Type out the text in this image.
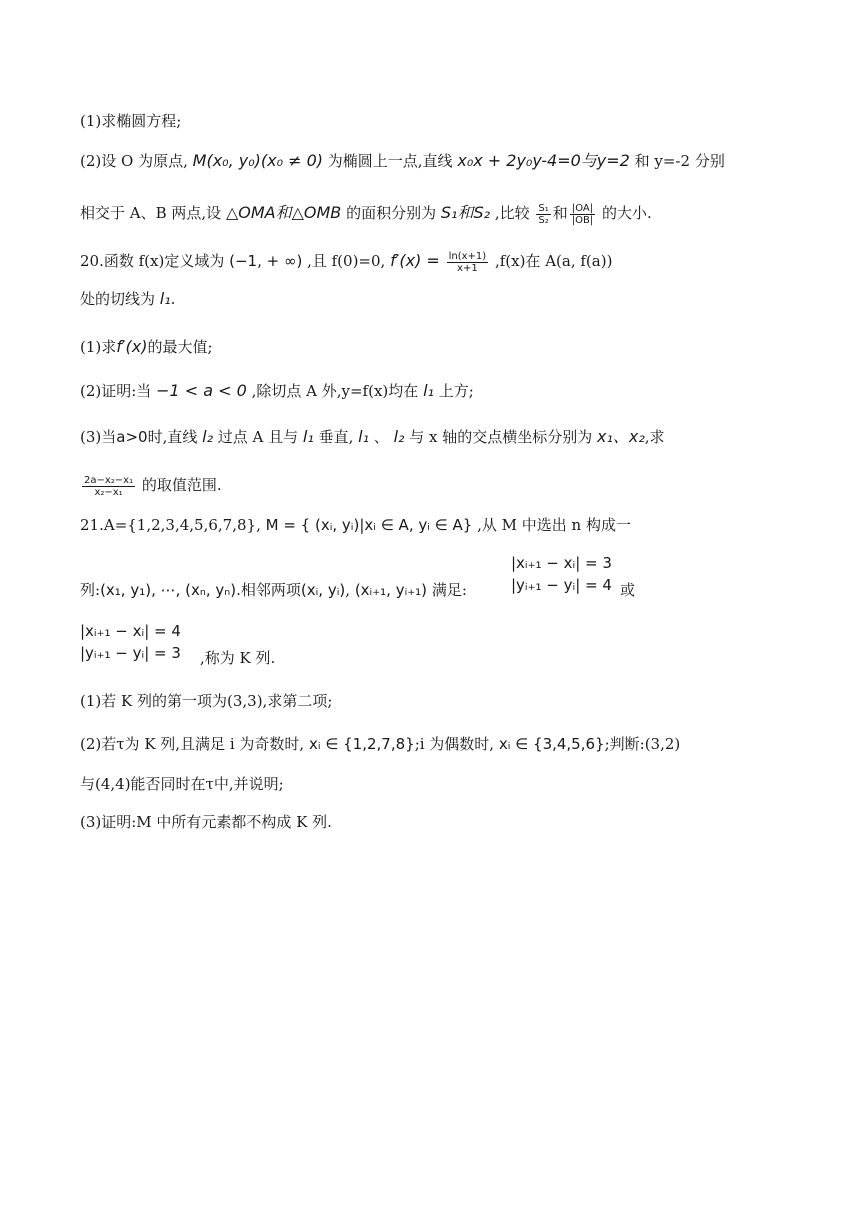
(1)求椭圆方程;
(2)设 O 为原点, M(x₀, y₀)(x₀ ≠ 0) 为椭圆上一点,直线 x₀x + 2y₀y-4=0与y=2 和 y=-2 分别
相交于 A、B 两点,设 △OMA和△OMB 的面积分别为 S₁和S₂ ,比较 $\frac{\text{S₁}}{\text{S₂}}$ 和 $\frac{|OA|}{|OB|}$ 的大小.
20.函数 f(x)定义域为 (−1, + ∞) ,且 f(0)=0, $f'(x) = \frac{\ln(x+1)}{x+1} ,f(x)$在 A(a, f(a))
处的切线为 l₁.
(1)求f′(x)的最大值;
(2)证明:当 −1 < a < 0 ,除切点 A 外,y=f(x)均在 l₁ 上方;
(3)当a>0时,直线 l₂ 过点 A 且与 l₁ 垂直, l₁ 、 l₂ 与 x 轴的交点横坐标分别为 x₁、x₂,求
$\frac{\text{2a−x₂−x₁}}{\text{x₂−x₁}}$ 的取值范围.
21.A={1,2,3,4,5,6,7,8}, M = { (xᵢ, yᵢ)|xᵢ ∈ A, yᵢ ∈ A} ,从 M 中选出 n 构成一
列:(x₁, y₁), ⋯, (xₙ, yₙ).相邻两项(xᵢ, yᵢ), (xᵢ₊₁, yᵢ₊₁) 满足:
|xᵢ₊₁ − xᵢ| = 3
|yᵢ₊₁ − yᵢ| = 4 或
|xᵢ₊₁ − xᵢ| = 4
|yᵢ₊₁ − yᵢ| = 3 ,称为 K 列.
(1)若 K 列的第一项为(3,3),求第二项;
(2)若τ为 K 列,且满足 i 为奇数时, xᵢ ∈ {1,2,7,8};i 为偶数时, xᵢ ∈ {3,4,5,6};判断:(3,2)
与(4,4)能否同时在τ中,并说明;
(3)证明:M 中所有元素都不构成 K 列.
